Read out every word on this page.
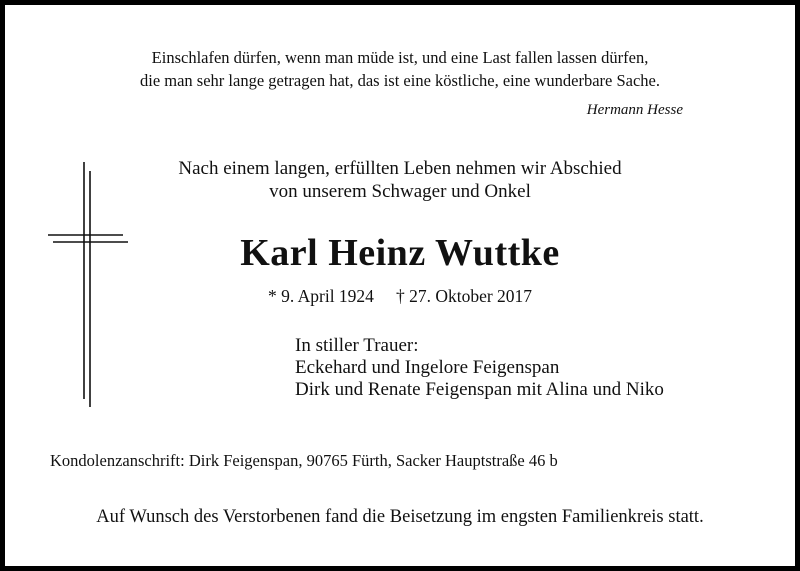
Einschlafen dürfen, wenn man müde ist, und eine Last fallen lassen dürfen,
die man sehr lange getragen hat, das ist eine köstliche, eine wunderbare Sache.
Hermann Hesse
Nach einem langen, erfüllten Leben nehmen wir Abschied
von unserem Schwager und Onkel
Karl Heinz Wuttke
* 9. April 1924 † 27. Oktober 2017
In stiller Trauer:
Eckehard und Ingelore Feigenspan
Dirk und Renate Feigenspan mit Alina und Niko
Kondolenzanschrift: Dirk Feigenspan, 90765 Fürth, Sacker Hauptstraße 46 b
Auf Wunsch des Verstorbenen fand die Beisetzung im engsten Familienkreis statt.
